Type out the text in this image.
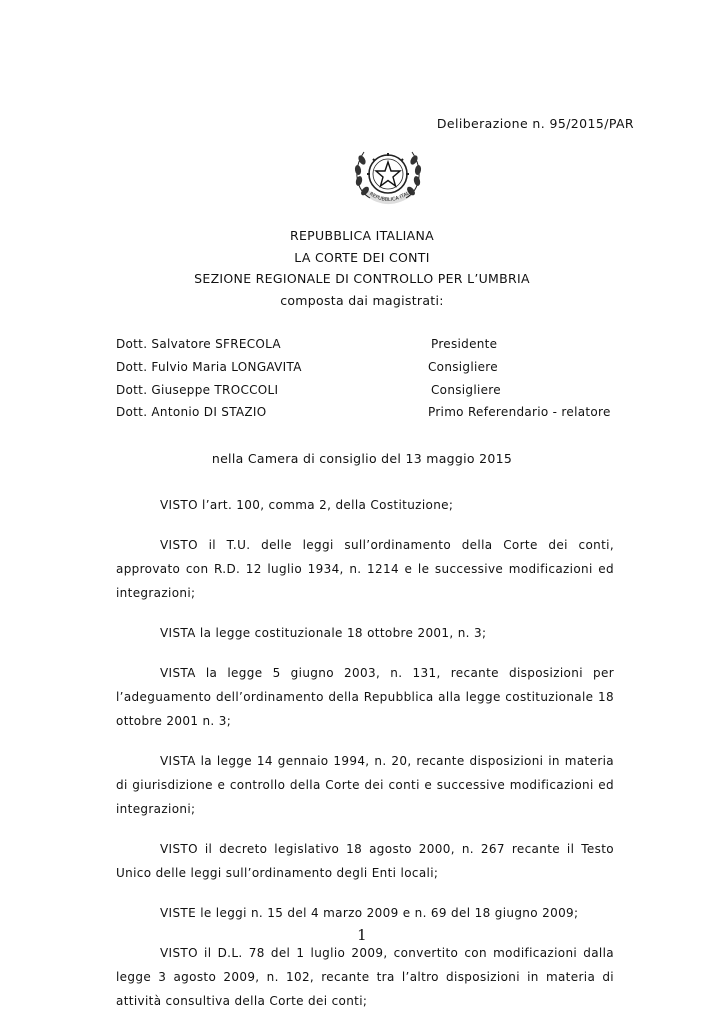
Deliberazione n. 95/2015/PAR
REPUBBLICA ITALI
REPUBBLICA ITALIANA
LA CORTE DEI CONTI
SEZIONE REGIONALE DI CONTROLLO PER L’UMBRIA
composta dai magistrati:
Dott. Salvatore SFRECOLA	Presidente
Dott. Fulvio Maria LONGAVITA	Consigliere
Dott. Giuseppe TROCCOLI	Consigliere
Dott. Antonio DI STAZIO	Primo Referendario - relatore
nella Camera di consiglio del 13 maggio 2015

VISTO l’art. 100, comma 2, della Costituzione;

VISTO il T.U. delle leggi sull’ordinamento della Corte dei conti, approvato con R.D. 12 luglio 1934, n. 1214 e le successive modificazioni ed integrazioni;

VISTA la legge costituzionale 18 ottobre 2001, n. 3;

VISTA la legge 5 giugno 2003, n. 131, recante disposizioni per l’adeguamento dell’ordinamento della Repubblica alla legge costituzionale 18 ottobre 2001 n. 3;

VISTA la legge 14 gennaio 1994, n. 20, recante disposizioni in materia di giurisdizione e controllo della Corte dei conti e successive modificazioni ed integrazioni;

VISTO il decreto legislativo 18 agosto 2000, n. 267 recante il Testo Unico delle leggi sull’ordinamento degli Enti locali;

VISTE le leggi n. 15 del 4 marzo 2009 e n. 69 del 18 giugno 2009;

VISTO il D.L. 78 del 1 luglio 2009, convertito con modificazioni dalla legge 3 agosto 2009, n. 102, recante tra l’altro disposizioni in materia di attività consultiva della Corte dei conti;

1
